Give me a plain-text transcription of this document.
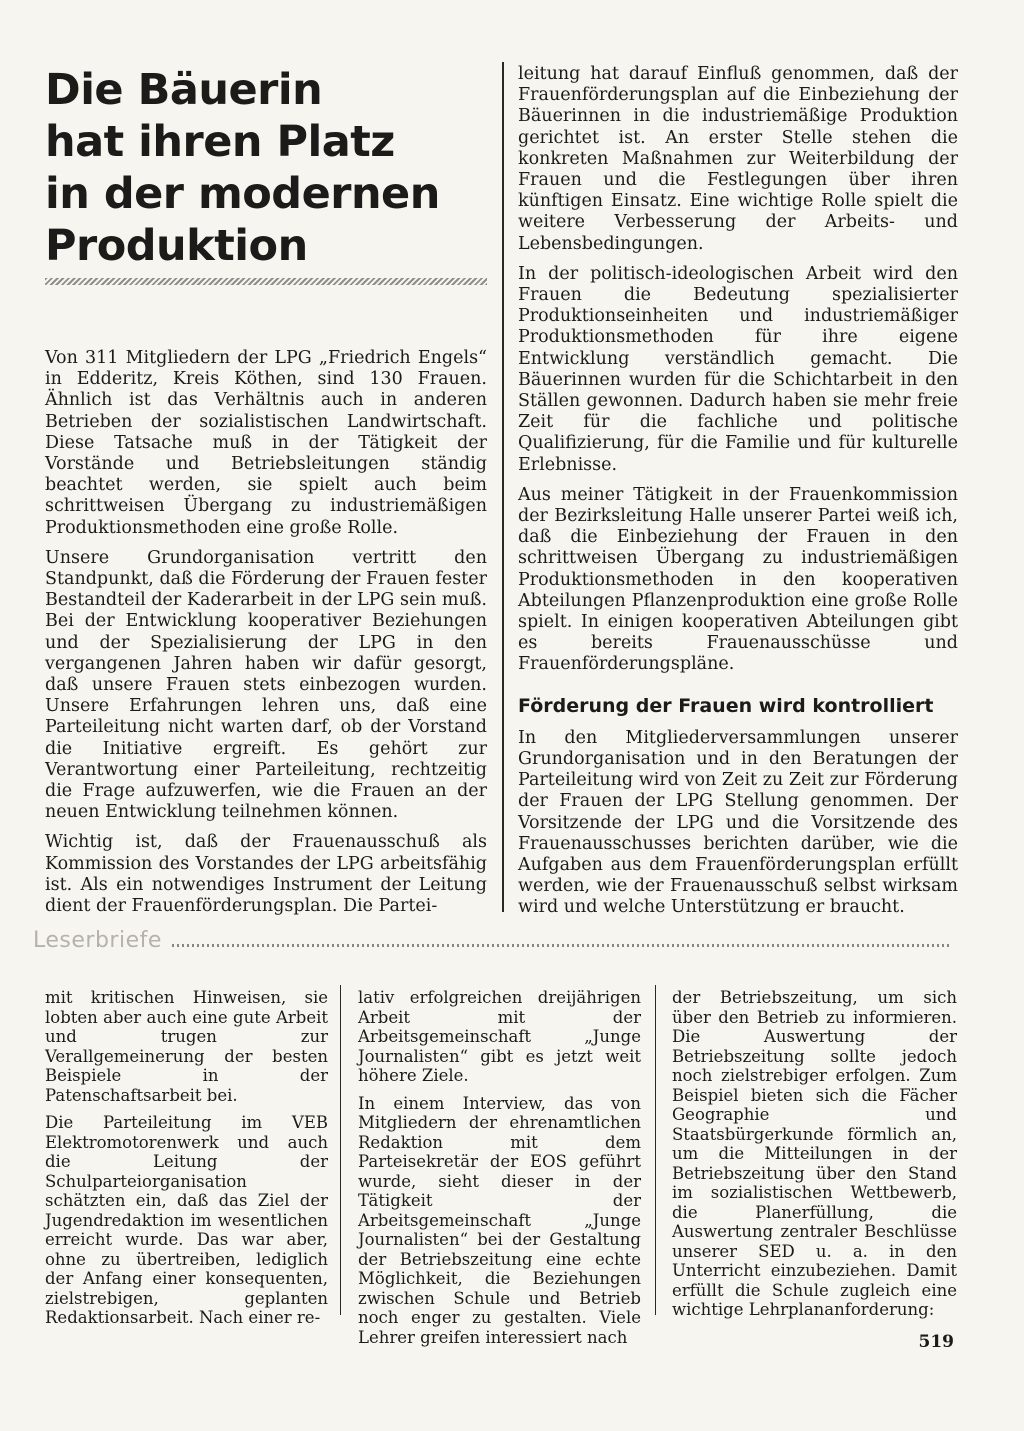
Die Bäuerin
hat ihren Platz
in der modernen
Produktion

Von 311 Mitgliedern der LPG „Friedrich Engels“ in Edderitz, Kreis Köthen, sind 130 Frauen. Ähnlich ist das Verhältnis auch in anderen Betrieben der sozialistischen Landwirtschaft. Diese Tatsache muß in der Tätigkeit der Vorstände und Betriebsleitungen ständig beachtet werden, sie spielt auch beim schrittweisen Übergang zu industriemäßigen Produktionsmethoden eine große Rolle.

Unsere Grundorganisation vertritt den Standpunkt, daß die Förderung der Frauen fester Bestandteil der Kaderarbeit in der LPG sein muß. Bei der Entwicklung kooperativer Beziehungen und der Spezialisierung der LPG in den vergangenen Jahren haben wir dafür gesorgt, daß unsere Frauen stets einbezogen wurden. Unsere Erfahrungen lehren uns, daß eine Parteileitung nicht warten darf, ob der Vorstand die Initiative ergreift. Es gehört zur Verantwortung einer Parteileitung, rechtzeitig die Frage aufzuwerfen, wie die Frauen an der neuen Entwicklung teilnehmen können.

Wichtig ist, daß der Frauenausschuß als Kommission des Vorstandes der LPG arbeitsfähig ist. Als ein notwendiges Instrument der Leitung dient der Frauenförderungsplan. Die Partei-

leitung hat darauf Einfluß genommen, daß der Frauenförderungsplan auf die Einbeziehung der Bäuerinnen in die industriemäßige Produktion gerichtet ist. An erster Stelle stehen die konkreten Maßnahmen zur Weiterbildung der Frauen und die Festlegungen über ihren künftigen Einsatz. Eine wichtige Rolle spielt die weitere Verbesserung der Arbeits- und Lebensbedingungen.

In der politisch-ideologischen Arbeit wird den Frauen die Bedeutung spezialisierter Produktionseinheiten und industriemäßiger Produktionsmethoden für ihre eigene Entwicklung verständlich gemacht. Die Bäuerinnen wurden für die Schichtarbeit in den Ställen gewonnen. Dadurch haben sie mehr freie Zeit für die fachliche und politische Qualifizierung, für die Familie und für kulturelle Erlebnisse.

Aus meiner Tätigkeit in der Frauenkommission der Bezirksleitung Halle unserer Partei weiß ich, daß die Einbeziehung der Frauen in den schrittweisen Übergang zu industriemäßigen Produktionsmethoden in den kooperativen Abteilungen Pflanzenproduktion eine große Rolle spielt. In einigen kooperativen Abteilungen gibt es bereits Frauenausschüsse und Frauenförderungspläne.

Förderung der Frauen wird kontrolliert

In den Mitgliederversammlungen unserer Grundorganisation und in den Beratungen der Parteileitung wird von Zeit zu Zeit zur Förderung der Frauen der LPG Stellung genommen. Der Vorsitzende der LPG und die Vorsitzende des Frauenausschusses berichten darüber, wie die Aufgaben aus dem Frauenförderungsplan erfüllt werden, wie der Frauenausschuß selbst wirksam wird und welche Unterstützung er braucht.

Leserbriefe

mit kritischen Hinweisen, sie lobten aber auch eine gute Arbeit und trugen zur Verallgemeinerung der besten Beispiele in der Patenschaftsarbeit bei.

Die Parteileitung im VEB Elektromotorenwerk und auch die Leitung der Schulparteiorganisation schätzten ein, daß das Ziel der Jugendredaktion im wesentlichen erreicht wurde. Das war aber, ohne zu übertreiben, lediglich der Anfang einer konsequenten, zielstrebigen, geplanten Redaktionsarbeit. Nach einer re-

lativ erfolgreichen dreijährigen Arbeit mit der Arbeitsgemeinschaft „Junge Journalisten“ gibt es jetzt weit höhere Ziele.

In einem Interview, das von Mitgliedern der ehrenamtlichen Redaktion mit dem Parteisekretär der EOS geführt wurde, sieht dieser in der Tätigkeit der Arbeitsgemeinschaft „Junge Journalisten“ bei der Gestaltung der Betriebszeitung eine echte Möglichkeit, die Beziehungen zwischen Schule und Betrieb noch enger zu gestalten. Viele Lehrer greifen interessiert nach

der Betriebszeitung, um sich über den Betrieb zu informieren. Die Auswertung der Betriebszeitung sollte jedoch noch zielstrebiger erfolgen. Zum Beispiel bieten sich die Fächer Geographie und Staatsbürgerkunde förmlich an, um die Mitteilungen in der Betriebszeitung über den Stand im sozialistischen Wettbewerb, die Planerfüllung, die Auswertung zentraler Beschlüsse unserer SED u. a. in den Unterricht einzubeziehen. Damit erfüllt die Schule zugleich eine wichtige Lehrplananforderung:

519
